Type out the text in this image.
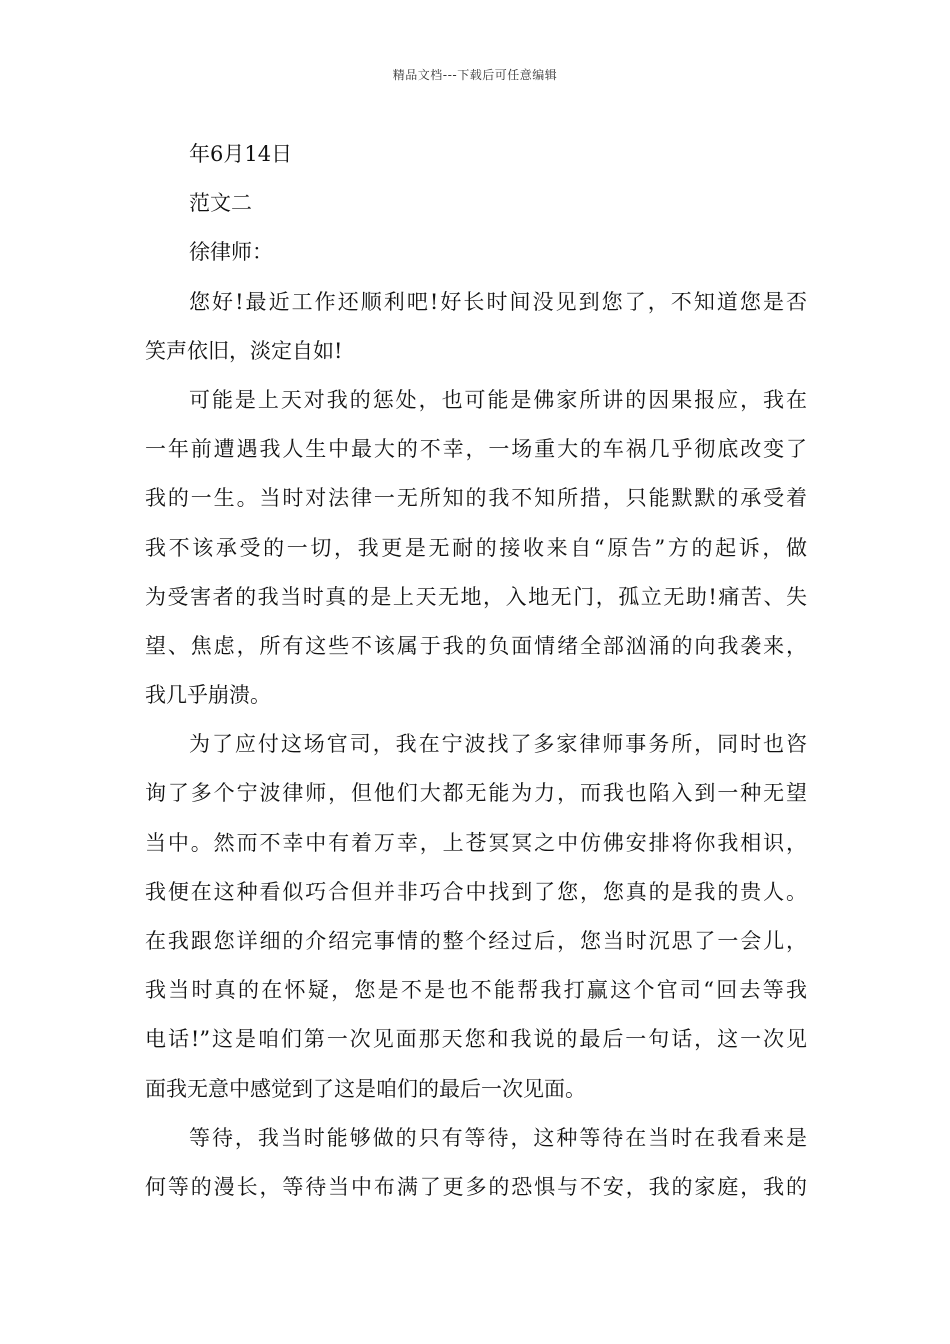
精品文档---下载后可任意编辑
年6月14日
范文二
徐律师：
您好!最近工作还顺利吧!好长时间没见到您了，不知道您是否
笑声依旧，淡定自如!
可能是上天对我的惩处，也可能是佛家所讲的因果报应，我在
一年前遭遇我人生中最大的不幸，一场重大的车祸几乎彻底改变了
我的一生。当时对法律一无所知的我不知所措，只能默默的承受着
我不该承受的一切，我更是无耐的接收来自“原告”方的起诉，做
为受害者的我当时真的是上天无地，入地无门，孤立无助!痛苦、失
望、焦虑，所有这些不该属于我的负面情绪全部汹涌的向我袭来，
我几乎崩溃。
为了应付这场官司，我在宁波找了多家律师事务所，同时也咨
询了多个宁波律师，但他们大都无能为力，而我也陷入到一种无望
当中。然而不幸中有着万幸，上苍冥冥之中仿佛安排将你我相识，
我便在这种看似巧合但并非巧合中找到了您，您真的是我的贵人。
在我跟您详细的介绍完事情的整个经过后，您当时沉思了一会儿，
我当时真的在怀疑，您是不是也不能帮我打赢这个官司“回去等我
电话!”这是咱们第一次见面那天您和我说的最后一句话，这一次见
面我无意中感觉到了这是咱们的最后一次见面。
等待，我当时能够做的只有等待，这种等待在当时在我看来是
何等的漫长，等待当中布满了更多的恐惧与不安，我的家庭，我的
